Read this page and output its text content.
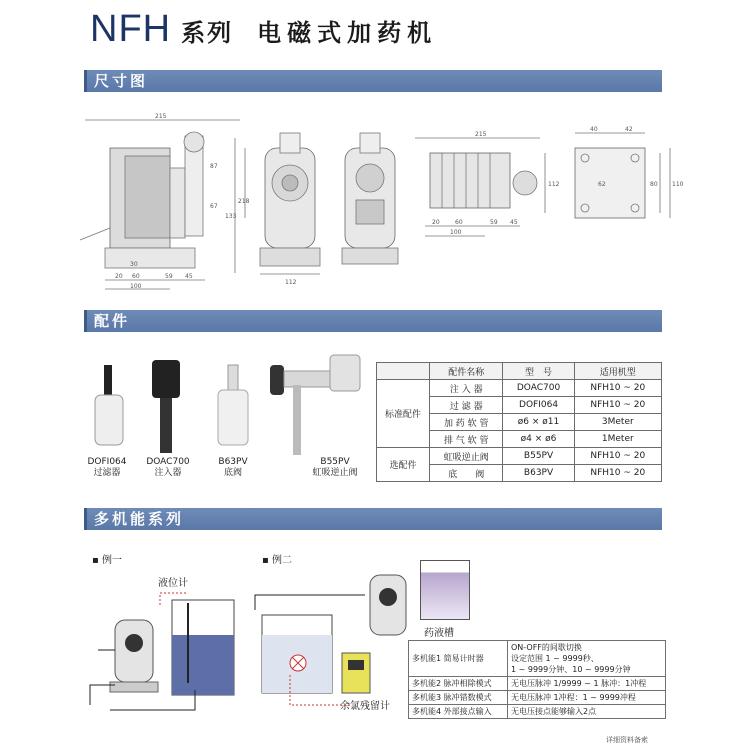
NFH 系列 电磁式加药机
尺寸图
215
30
20 60	59 45
100
87
67
133
218
112
215
20	60	59 45
100
112
40	42
80
62	110
配件
DOFI064
过滤器
DOAC700
注入器
B63PV
底阀
B55PV
虹吸逆止阀
	配件名称	型　号	适用机型
标准配件	注 入 器	DOAC700	NFH10 ~ 20
	过 滤 器	DOFI064	NFH10 ~ 20
	加 药 软 管	ø6 × ø11	3Meter
	排 气 软 管	ø4 × ø6	1Meter
选配件	虹吸逆止阀	B55PV	NFH10 ~ 20
	底　　阀	B63PV	NFH10 ~ 20
多机能系列
▪ 例一	▪ 例二
液位计
药液槽
余氯残留计
多机能1 简易计时器	ON-OFF的间歇切换
设定范围 1 ~ 9999秒、
1 ~ 9999分钟、10 ~ 9999分钟
多机能2 脉冲相除模式	无电压脉冲 1/9999 ~ 1 脉冲：1冲程
多机能3 脉冲错数模式	无电压脉冲 1冲程：1 ~ 9999冲程
多机能4 外部接点输入	无电压接点能够输入2点
详细资料备索
